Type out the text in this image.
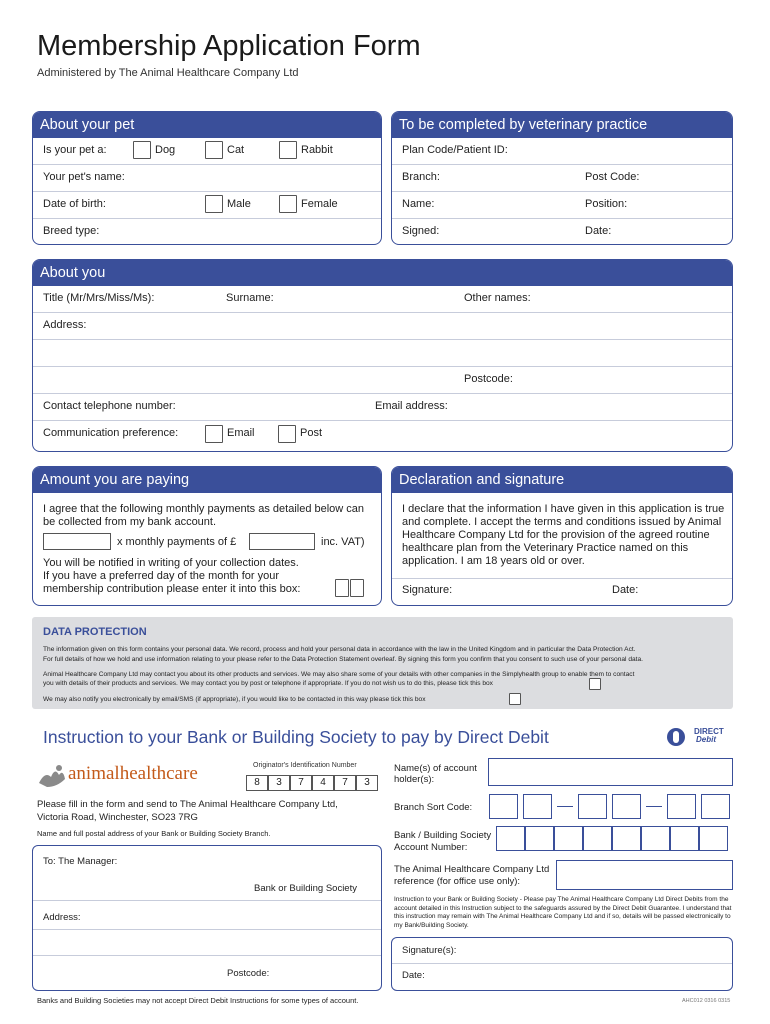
Membership Application Form
Administered by The Animal Healthcare Company Ltd
About your pet
Is your pet a:	Dog	Cat	Rabbit
Your pet's name:
Date of birth:	Male	Female
Breed type:
To be completed by veterinary practice
Plan Code/Patient ID:
Branch:	Post Code:
Name:	Position:
Signed:	Date:
About you
Title (Mr/Mrs/Miss/Ms):	Surname:	Other names:
Address:
Postcode:
Contact telephone number:	Email address:
Communication preference:	Email	Post
Amount you are paying
I agree that the following monthly payments as detailed below can be collected from my bank account.
x monthly payments of £	inc. VAT)
You will be notified in writing of your collection dates.
If you have a preferred day of the month for your
membership contribution please enter it into this box:
Declaration and signature
I declare that the information I have given in this application is true and complete. I accept the terms and conditions issued by Animal Healthcare Company Ltd for the provision of the agreed routine healthcare plan from the Veterinary Practice named on this application. I am 18 years old or over.
Signature:	Date:
DATA PROTECTION
The information given on this form contains your personal data. We record, process and hold your personal data in accordance with the law in the United Kingdom and in particular the Data Protection Act.
For full details of how we hold and use information relating to your please refer to the Data Protection Statement overleaf. By signing this form you confirm that you consent to such use of your personal data.
Animal Healthcare Company Ltd may contact you about its other products and services. We may also share some of your details with other companies in the Simplyhealth group to enable them to contact
you with details of their products and services. We may contact you by post or telephone if appropriate. If you do not wish us to do this, please tick this box
We may also notify you electronically by email/SMS (if appropriate), if you would like to be contacted in this way please tick this box
Instruction to your Bank or Building Society to pay by Direct Debit	DIRECT
Debit
animalhealthcare	Originator's Identification Number
8	3	7	4	7	3
Please fill in the form and send to The Animal Healthcare Company Ltd,
Victoria Road, Winchester, SO23 7RG
Name and full postal address of your Bank or Building Society Branch.
To: The Manager:
Bank or Building Society
Address:
Postcode:
Name(s) of account
holder(s):
Branch Sort Code:
Bank / Building Society
Account Number:
The Animal Healthcare Company Ltd
reference (for office use only):
Instruction to your Bank or Building Society - Please pay The Animal Healthcare Company Ltd Direct Debits from the account detailed in this Instruction subject to the safeguards assured by the Direct Debit Guarantee. I understand that this instruction may remain with The Animal Healthcare Company Ltd and if so, details will be passed electronically to my Bank/Building Society.
Signature(s):
Date:
Banks and Building Societies may not accept Direct Debit Instructions for some types of account.	AHC012 0316 0315
